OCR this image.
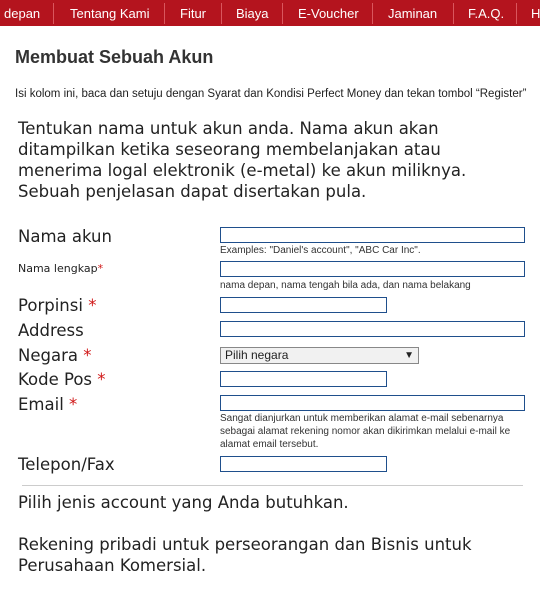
depan Tentang Kami Fitur Biaya E-Voucher Jaminan F.A.Q. H
Membuat Sebuah Akun

Isi kolom ini, baca dan setuju dengan Syarat dan Kondisi Perfect Money dan tekan tombol “Register”

Tentukan nama untuk akun anda. Nama akun akan ditampilkan ketika seseorang membelanjakan atau menerima logal elektronik (e-metal) ke akun miliknya. Sebuah penjelasan dapat disertakan pula.

Nama akun
Examples: "Daniel's account", "ABC Car Inc".
Nama lengkap*
nama depan, nama tengah bila ada, dan nama belakang
Porpinsi *
Address
Negara *	Pilih negara	▼
Kode Pos *
Email *
Sangat dianjurkan untuk memberikan alamat e-mail sebenarnya sebagai alamat rekening nomor akan dikirimkan melalui e-mail ke alamat email tersebut.
Telepon/Fax

Pilih jenis account yang Anda butuhkan.

Rekening pribadi untuk perseorangan dan Bisnis untuk Perusahaan Komersial.
